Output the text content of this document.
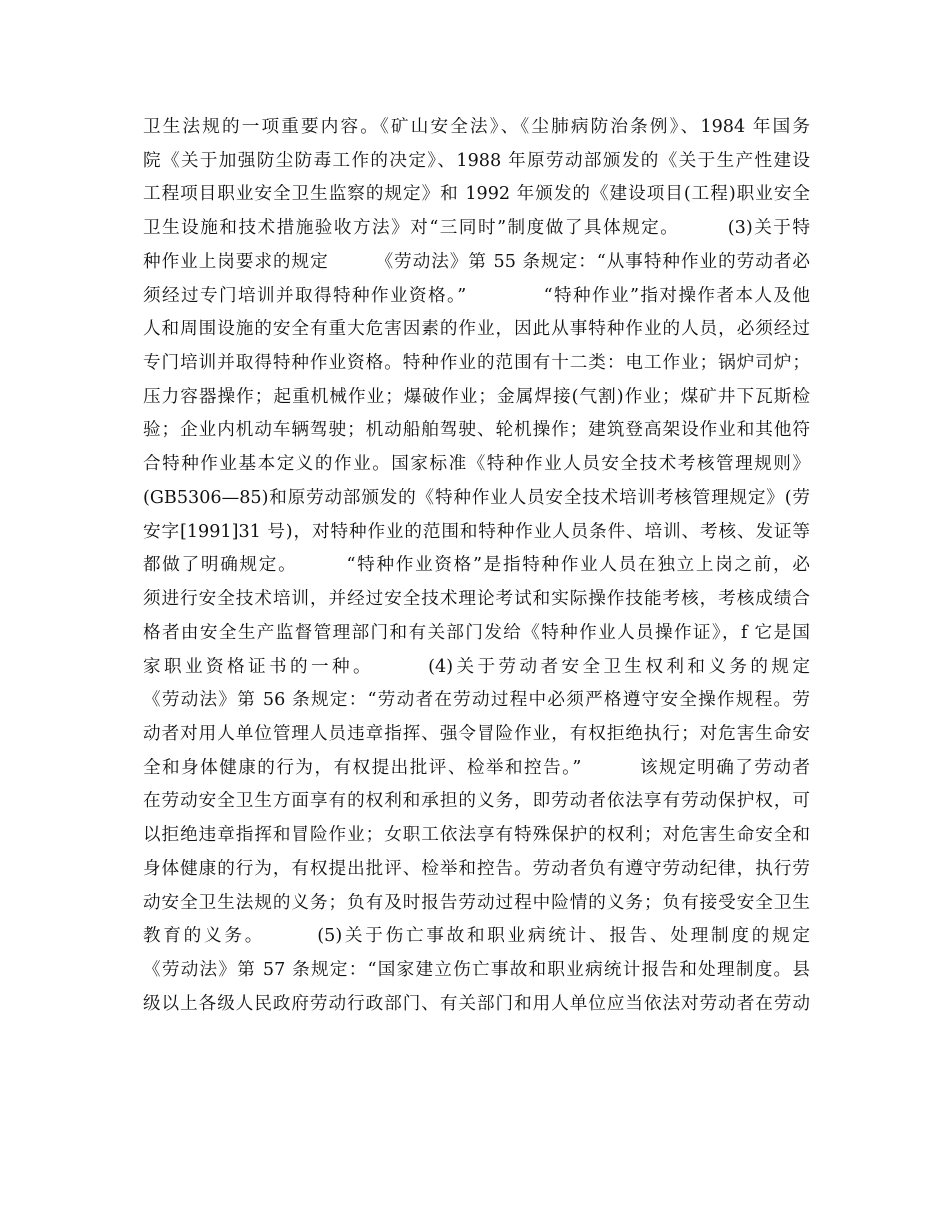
卫生法规的一项重要内容。《矿山安全法》、《尘肺病防治条例》、1984 年国务
院《关于加强防尘防毒工作的决定》、1988 年原劳动部颁发的《关于生产性建设
工程项目职业安全卫生监察的规定》和 1992 年颁发的《建设项目(工程)职业安全
卫生设施和技术措施验收方法》对“三同时”制度做了具体规定。　　　(3)关于特
种作业上岗要求的规定　　　《劳动法》第 55 条规定：“从事特种作业的劳动者必
须经过专门培训并取得特种作业资格。”　　　　“特种作业”指对操作者本人及他
人和周围设施的安全有重大危害因素的作业，因此从事特种作业的人员，必须经过
专门培训并取得特种作业资格。特种作业的范围有十二类：电工作业；锅炉司炉；
压力容器操作；起重机械作业；爆破作业；金属焊接(气割)作业；煤矿井下瓦斯检
验；企业内机动车辆驾驶；机动船舶驾驶、轮机操作；建筑登高架设作业和其他符
合特种作业基本定义的作业。国家标准《特种作业人员安全技术考核管理规则》
(GB5306—85)和原劳动部颁发的《特种作业人员安全技术培训考核管理规定》(劳
安字[1991]31 号)，对特种作业的范围和特种作业人员条件、培训、考核、发证等
都做了明确规定。　　　“特种作业资格”是指特种作业人员在独立上岗之前，必
须进行安全技术培训，并经过安全技术理论考试和实际操作技能考核，考核成绩合
格者由安全生产监督管理部门和有关部门发给《特种作业人员操作证》，f 它是国
家职业资格证书的一种。　　　(4)关于劳动者安全卫生权利和义务的规定
《劳动法》第 56 条规定：“劳动者在劳动过程中必须严格遵守安全操作规程。劳
动者对用人单位管理人员违章指挥、强令冒险作业，有权拒绝执行；对危害生命安
全和身体健康的行为，有权提出批评、检举和控告。”　　　该规定明确了劳动者
在劳动安全卫生方面享有的权利和承担的义务，即劳动者依法享有劳动保护权，可
以拒绝违章指挥和冒险作业；女职工依法享有特殊保护的权利；对危害生命安全和
身体健康的行为，有权提出批评、检举和控告。劳动者负有遵守劳动纪律，执行劳
动安全卫生法规的义务；负有及时报告劳动过程中险情的义务；负有接受安全卫生
教育的义务。　　　(5)关于伤亡事故和职业病统计、报告、处理制度的规定
《劳动法》第 57 条规定：“国家建立伤亡事故和职业病统计报告和处理制度。县
级以上各级人民政府劳动行政部门、有关部门和用人单位应当依法对劳动者在劳动
